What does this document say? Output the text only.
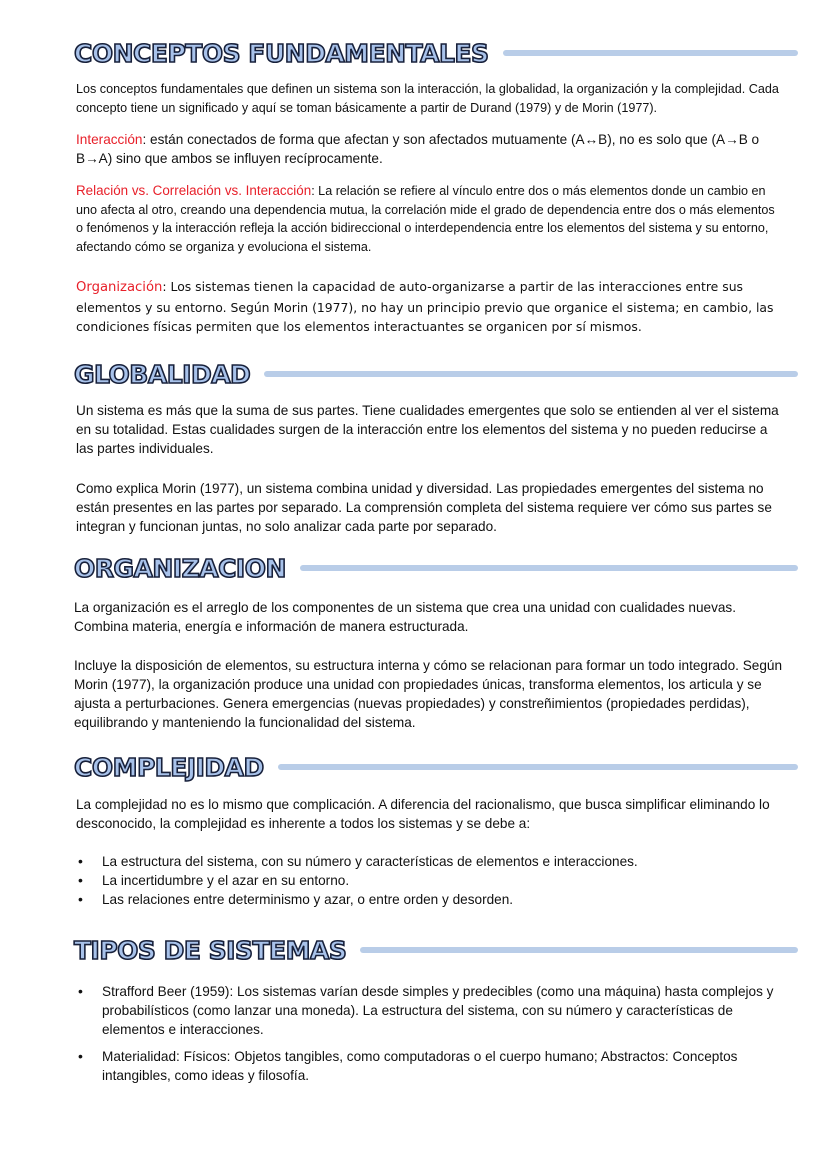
CONCEPTOS FUNDAMENTALES

Los conceptos fundamentales que definen un sistema son la interacción, la globalidad, la organización y la complejidad. Cada concepto tiene un significado y aquí se toman básicamente a partir de Durand (1979) y de Morin (1977).

Interacción: están conectados de forma que afectan y son afectados mutuamente (A↔B), no es solo que (A→B o B→A) sino que ambos se influyen recíprocamente.

Relación vs. Correlación vs. Interacción: La relación se refiere al vínculo entre dos o más elementos donde un cambio en uno afecta al otro, creando una dependencia mutua, la correlación mide el grado de dependencia entre dos o más elementos o fenómenos y la interacción refleja la acción bidireccional o interdependencia entre los elementos del sistema y su entorno, afectando cómo se organiza y evoluciona el sistema.

Organización: Los sistemas tienen la capacidad de auto-organizarse a partir de las interacciones entre sus elementos y su entorno. Según Morin (1977), no hay un principio previo que organice el sistema; en cambio, las condiciones físicas permiten que los elementos interactuantes se organicen por sí mismos.

GLOBALIDAD

Un sistema es más que la suma de sus partes. Tiene cualidades emergentes que solo se entienden al ver el sistema en su totalidad. Estas cualidades surgen de la interacción entre los elementos del sistema y no pueden reducirse a las partes individuales.

Como explica Morin (1977), un sistema combina unidad y diversidad. Las propiedades emergentes del sistema no están presentes en las partes por separado. La comprensión completa del sistema requiere ver cómo sus partes se integran y funcionan juntas, no solo analizar cada parte por separado.

ORGANIZACION

La organización es el arreglo de los componentes de un sistema que crea una unidad con cualidades nuevas. Combina materia, energía e información de manera estructurada.

Incluye la disposición de elementos, su estructura interna y cómo se relacionan para formar un todo integrado. Según Morin (1977), la organización produce una unidad con propiedades únicas, transforma elementos, los articula y se ajusta a perturbaciones. Genera emergencias (nuevas propiedades) y constreñimientos (propiedades perdidas), equilibrando y manteniendo la funcionalidad del sistema.

COMPLEJIDAD

La complejidad no es lo mismo que complicación. A diferencia del racionalismo, que busca simplificar eliminando lo desconocido, la complejidad es inherente a todos los sistemas y se debe a:

• La estructura del sistema, con su número y características de elementos e interacciones.
• La incertidumbre y el azar en su entorno.
• Las relaciones entre determinismo y azar, o entre orden y desorden.
TIPOS DE SISTEMAS
• Strafford Beer (1959): Los sistemas varían desde simples y predecibles (como una máquina) hasta complejos y probabilísticos (como lanzar una moneda). La estructura del sistema, con su número y características de elementos e interacciones.
• Materialidad: Físicos: Objetos tangibles, como computadoras o el cuerpo humano; Abstractos: Conceptos intangibles, como ideas y filosofía.
